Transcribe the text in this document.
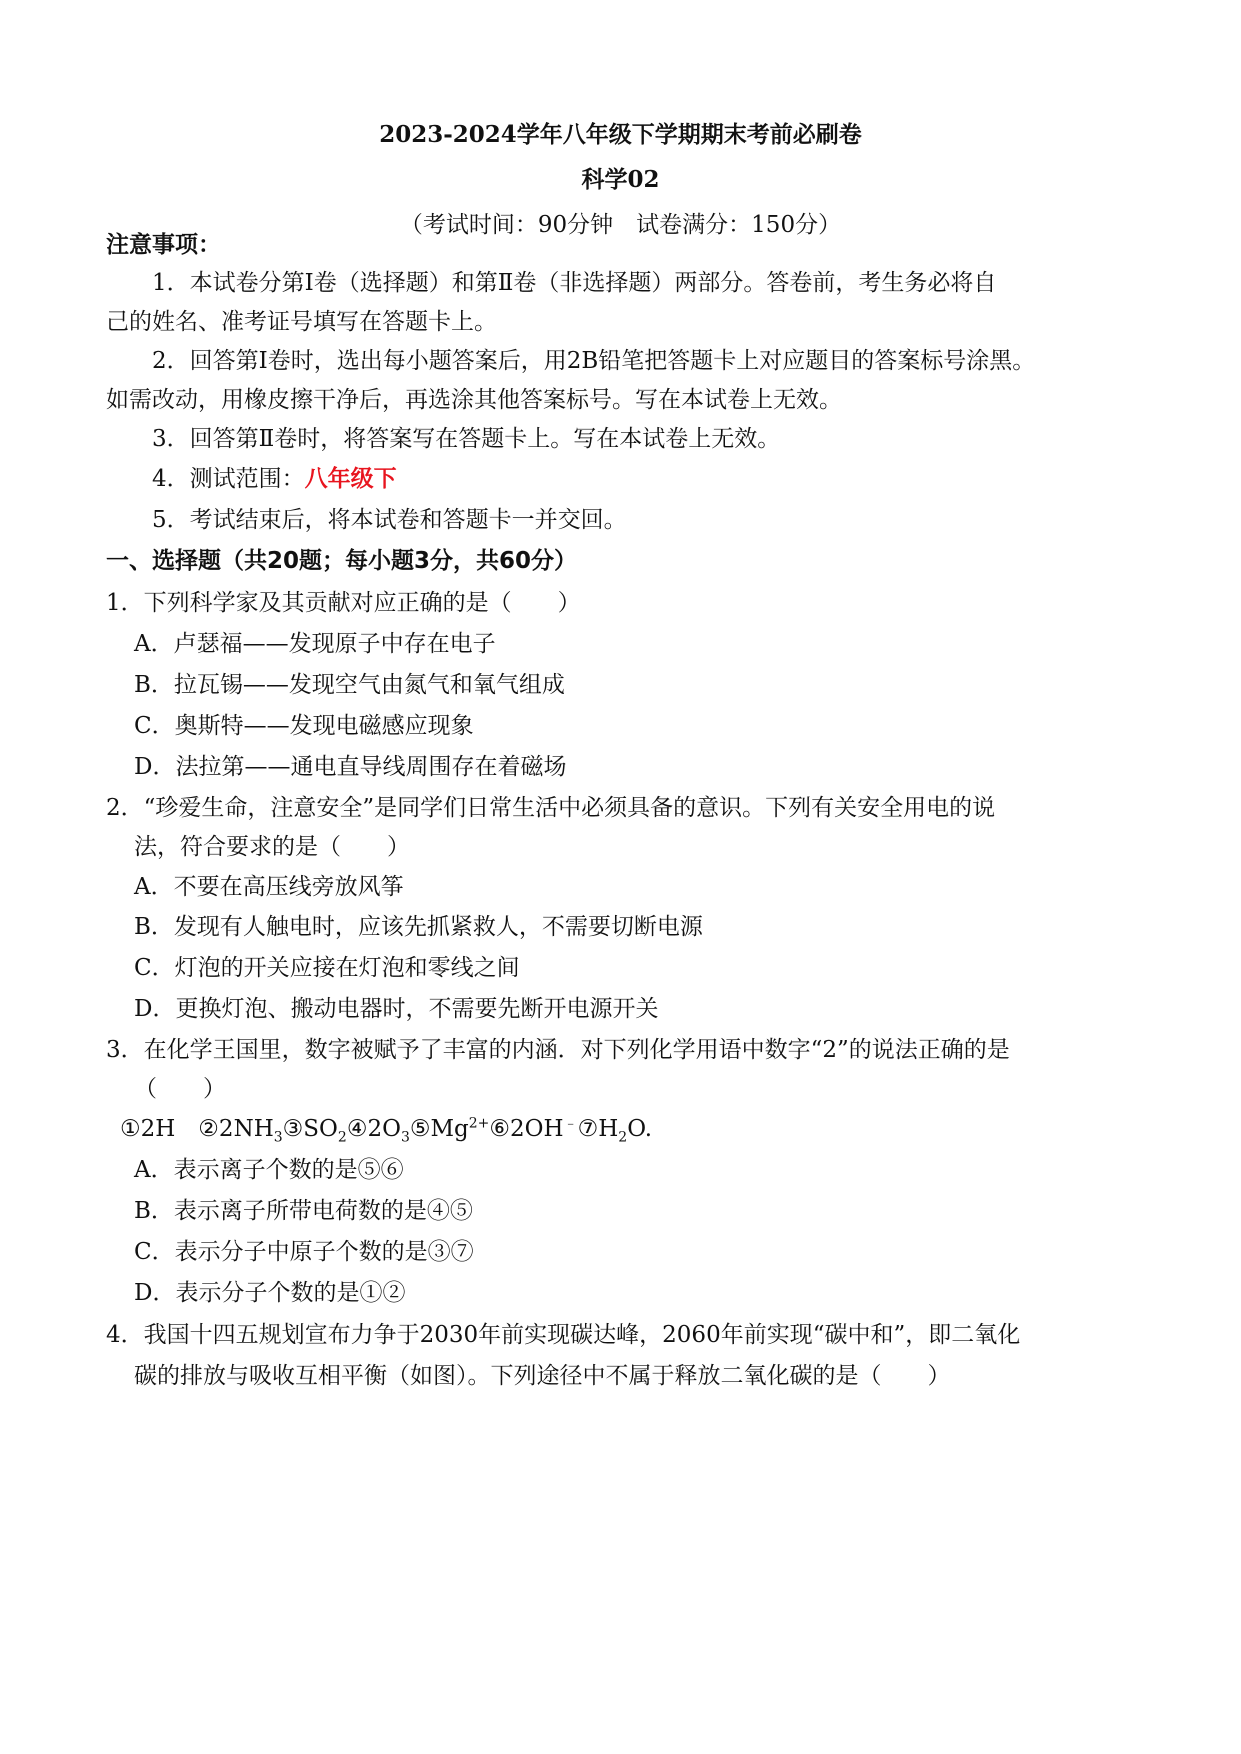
2023-2024学年八年级下学期期末考前必刷卷
科学02
（考试时间：90分钟　试卷满分：150分）
注意事项：
1．本试卷分第Ⅰ卷（选择题）和第Ⅱ卷（非选择题）两部分。答卷前，考生务必将自
己的姓名、准考证号填写在答题卡上。
2．回答第Ⅰ卷时，选出每小题答案后，用2B铅笔把答题卡上对应题目的答案标号涂黑。
如需改动，用橡皮擦干净后，再选涂其他答案标号。写在本试卷上无效。
3．回答第Ⅱ卷时，将答案写在答题卡上。写在本试卷上无效。
4．测试范围：八年级下
5．考试结束后，将本试卷和答题卡一并交回。
一、选择题（共20题；每小题3分，共60分）
1．下列科学家及其贡献对应正确的是（　　）
A．卢瑟福——发现原子中存在电子
B．拉瓦锡——发现空气由氮气和氧气组成
C．奥斯特——发现电磁感应现象
D．法拉第——通电直导线周围存在着磁场
2．“珍爱生命，注意安全”是同学们日常生活中必须具备的意识。下列有关安全用电的说
法，符合要求的是（　　）
A．不要在高压线旁放风筝
B．发现有人触电时，应该先抓紧救人，不需要切断电源
C．灯泡的开关应接在灯泡和零线之间
D．更换灯泡、搬动电器时，不需要先断开电源开关
3．在化学王国里，数字被赋予了丰富的内涵．对下列化学用语中数字“2”的说法正确的是
（　　）
①2H　$②2NH_3③SO_2④2O_3⑤Mg^{2+}⑥2OH^﹣⑦H_2O$.
A．表示离子个数的是⑤⑥
B．表示离子所带电荷数的是④⑤
C．表示分子中原子个数的是③⑦
D．表示分子个数的是①②
4．我国十四五规划宣布力争于2030年前实现碳达峰，2060年前实现“碳中和”，即二氧化
碳的排放与吸收互相平衡（如图）。下列途径中不属于释放二氧化碳的是（　　）
